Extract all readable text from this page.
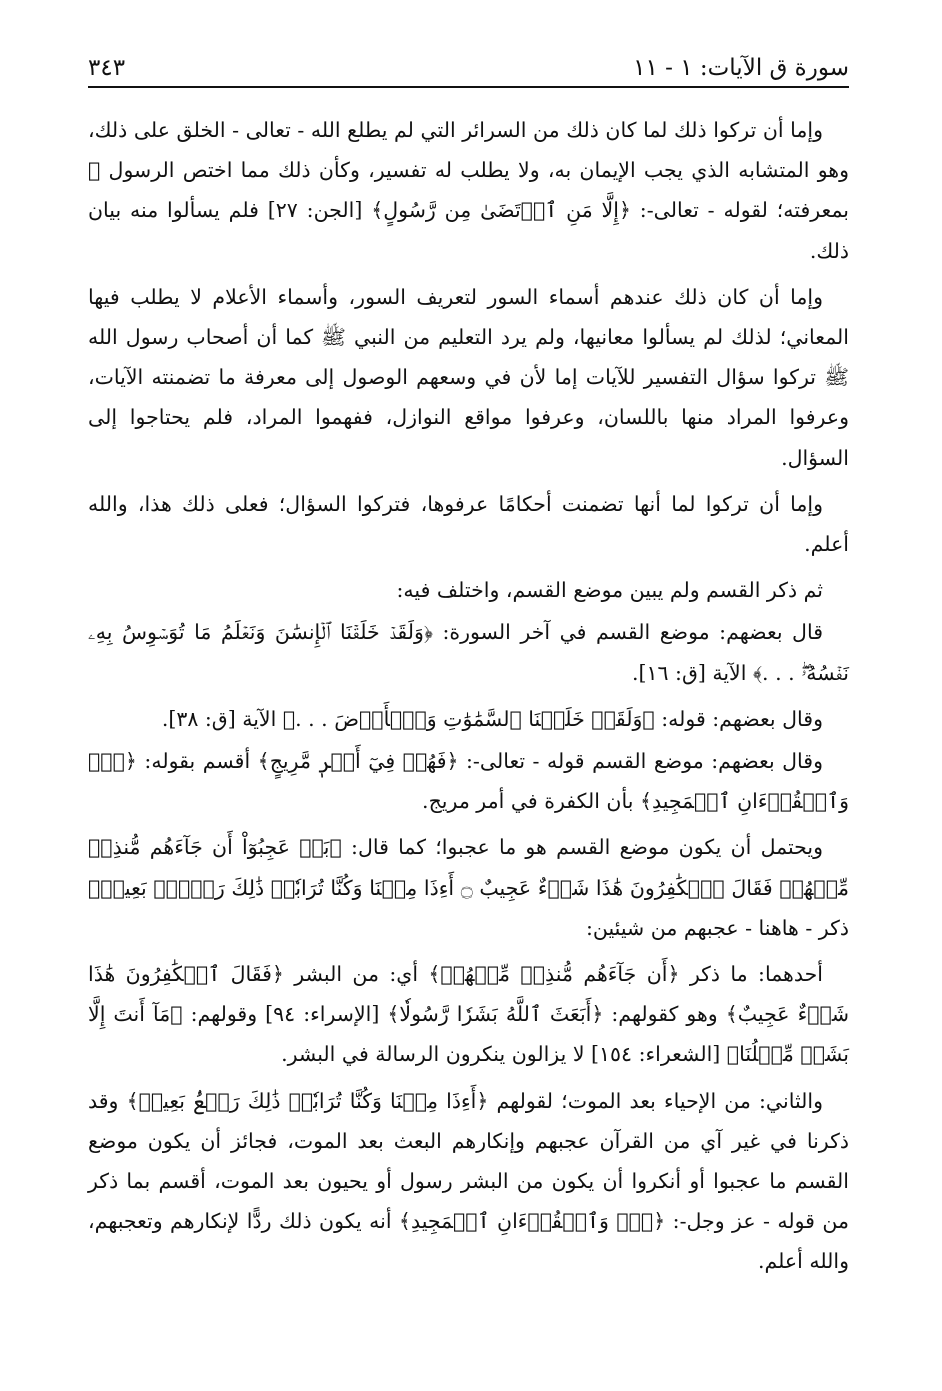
سورة ق الآيات: ١ - ١١
٣٤٣

وإما أن تركوا ذلك لما كان ذلك من السرائر التي لم يطلع الله - تعالى - الخلق على ذلك، وهو المتشابه الذي يجب الإيمان به، ولا يطلب له تفسير، وكأن ذلك مما اختص الرسول ﷺ بمعرفته؛ لقوله - تعالى-: ﴿إِلَّا مَنِ ٱرۡتَضَىٰ مِن رَّسُولٍ﴾ [الجن: ٢٧] فلم يسألوا منه بيان ذلك.

وإما أن كان ذلك عندهم أسماء السور لتعريف السور، وأسماء الأعلام لا يطلب فيها المعاني؛ لذلك لم يسألوا معانيها، ولم يرد التعليم من النبي ﷺ كما أن أصحاب رسول الله ﷺ تركوا سؤال التفسير للآيات إما لأن في وسعهم الوصول إلى معرفة ما تضمنته الآيات، وعرفوا المراد منها باللسان، وعرفوا مواقع النوازل، ففهموا المراد، فلم يحتاجوا إلى السؤال.

وإما أن تركوا لما أنها تضمنت أحكامًا عرفوها، فتركوا السؤال؛ فعلى ذلك هذا، والله أعلم.

ثم ذكر القسم ولم يبين موضع القسم، واختلف فيه:

قال بعضهم: موضع القسم في آخر السورة: ﴿وَلَقَدۡ خَلَقۡنَا ٱلۡإِنسَٰنَ وَنَعۡلَمُ مَا تُوَسۡوِسُ بِهِۦ نَفۡسُهُۥۖ . . .﴾ الآية [ق: ١٦].

وقال بعضهم: قوله: ﴿وَلَقَدۡ خَلَقۡنَا ٱلسَّمَٰوَٰتِ وَٱلۡأَرۡضَ . . .﴾ الآية [ق: ٣٨].

وقال بعضهم: موضع القسم قوله - تعالى-: ﴿فَهُمۡ فِيٓ أَمۡرٖ مَّرِيجٍ﴾ أقسم بقوله: ﴿قٓۚ وَٱلۡقُرۡءَانِ ٱلۡمَجِيدِ﴾ بأن الكفرة في أمر مريج.

ويحتمل أن يكون موضع القسم هو ما عجبوا؛ كما قال: ﴿بَلۡ عَجِبُوٓاْ أَن جَآءَهُم مُّنذِرٞ مِّنۡهُمۡ فَقَالَ ٱلۡكَٰفِرُونَ هَٰذَا شَيۡءٌ عَجِيبٌ ۝ أَءِذَا مِتۡنَا وَكُنَّا تُرَابٗاۖ ذَٰلِكَ رَجۡعُۢ بَعِيدٞ﴾ ذكر - هاهنا - عجبهم من شيئين:

أحدهما: ما ذكر ﴿أَن جَآءَهُم مُّنذِرٞ مِّنۡهُمۡ﴾ أي: من البشر ﴿فَقَالَ ٱلۡكَٰفِرُونَ هَٰذَا شَيۡءٌ عَجِيبٌ﴾ وهو كقولهم: ﴿أَبَعَثَ ٱللَّهُ بَشَرٗا رَّسُولٗا﴾ [الإسراء: ٩٤] وقولهم: ﴿مَآ أَنتَ إِلَّا بَشَرٞ مِّثۡلُنَا﴾ [الشعراء: ١٥٤] لا يزالون ينكرون الرسالة في البشر.

والثاني: من الإحياء بعد الموت؛ لقولهم ﴿أَءِذَا مِتۡنَا وَكُنَّا تُرَابٗاۖ ذَٰلِكَ رَجۡعُۢ بَعِيدٞ﴾ وقد ذكرنا في غير آي من القرآن عجبهم وإنكارهم البعث بعد الموت، فجائز أن يكون موضع القسم ما عجبوا أو أنكروا أن يكون من البشر رسول أو يحيون بعد الموت، أقسم بما ذكر من قوله - عز وجل-: ﴿قٓۚ وَٱلۡقُرۡءَانِ ٱلۡمَجِيدِ﴾ أنه يكون ذلك ردًّا لإنكارهم وتعجبهم، والله أعلم.
